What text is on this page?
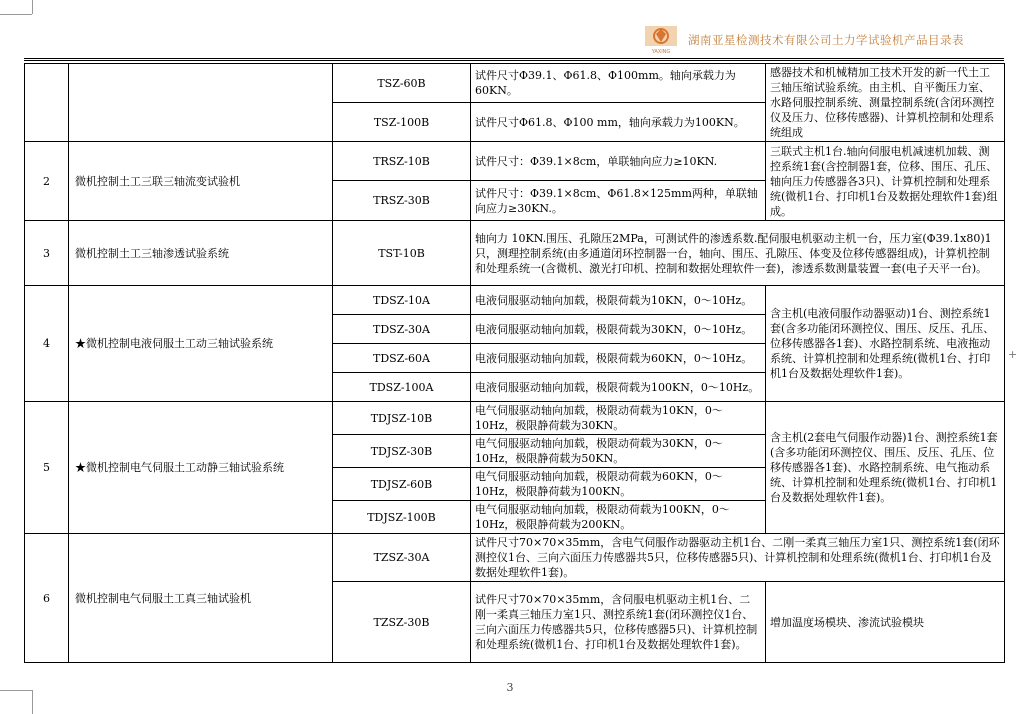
+
YAXING
湖南亚星检测技术有限公司土力学试验机产品目录表
		TSZ-60B	试件尺寸Φ39.1、Φ61.8、Φ100mm。轴向承载力为60KN。	感器技术和机械精加工技术开发的新一代土工三轴压缩试验系统。由主机、自平衡压力室、水路伺服控制系统、测量控制系统(含闭环测控仪及压力、位移传感器)、计算机控制和处理系统组成
		TSZ-100B	试件尺寸Φ61.8、Φ100 mm，轴向承载力为100KN。	
2	微机控制土工三联三轴流变试验机	TRSZ-10B	试件尺寸：Φ39.1×8cm，单联轴向应力≥10KN.	三联式主机1台.轴向伺服电机减速机加载、测控系统1套(含控制器1套，位移、围压、孔压、轴向压力传感器各3只)、计算机控制和处理系统(微机1台、打印机1台及数据处理软件1套)组成。
		TRSZ-30B	试件尺寸：Φ39.1×8cm、Φ61.8×125mm两种，单联轴向应力≥30KN.。	
3	微机控制土工三轴渗透试验系统	TST-10B	轴向力 10KN.围压、孔隙压2MPa，可测试件的渗透系数.配伺服电机驱动主机一台，压力室(Φ39.1x80)1只，测理控制系统(由多通道闭环控制器一台，轴向、围压、孔隙压、体变及位移传感器组成)，计算机控制和处理系统一(含微机、激光打印机、控制和数据处理软件一套)，渗透系数测量装置一套(电子天平一台)。	
4	★微机控制电液伺服土工动三轴试验系统	TDSZ-10A	电液伺服驱动轴向加载，极限荷载为10KN，0～10Hz。	含主机(电液伺服作动器驱动)1台、测控系统1套(含多功能闭环测控仪、围压、反压、孔压、位移传感器各1套)、水路控制系统、电液拖动系统、计算机控制和处理系统(微机1台、打印机1台及数据处理软件1套)。
		TDSZ-30A	电液伺服驱动轴向加载，极限荷载为30KN，0～10Hz。	
		TDSZ-60A	电液伺服驱动轴向加载，极限荷载为60KN，0～10Hz。	
		TDSZ-100A	电液伺服驱动轴向加载，极限荷载为100KN，0～10Hz。	
5	★微机控制电气伺服土工动静三轴试验系统	TDJSZ-10B	电气伺服驱动轴向加载，极限动荷载为10KN，0～10Hz，极限静荷载为30KN。	含主机(2套电气伺服作动器)1台、测控系统1套(含多功能闭环测控仪、围压、反压、孔压、位移传感器各1套)、水路控制系统、电气拖动系统、计算机控制和处理系统(微机1台、打印机1台及数据处理软件1套)。
		TDJSZ-30B	电气伺服驱动轴向加载，极限动荷载为30KN，0～10Hz，极限静荷载为50KN。	
		TDJSZ-60B	电气伺服驱动轴向加载，极限动荷载为60KN，0～10Hz，极限静荷载为100KN。	
		TDJSZ-100B	电气伺服驱动轴向加载，极限动荷载为100KN，0～10Hz，极限静荷载为200KN。	
6	微机控制电气伺服土工真三轴试验机	TZSZ-30A	试件尺寸70×70×35mm，含电气伺服作动器驱动主机1台、二刚一柔真三轴压力室1只、测控系统1套(闭环测控仪1台、三向六面压力传感器共5只，位移传感器5只)、计算机控制和处理系统(微机1台、打印机1台及数据处理软件1套)。	
		TZSZ-30B	试件尺寸70×70×35mm，含伺服电机驱动主机1台、二刚一柔真三轴压力室1只、测控系统1套(闭环测控仪1台、三向六面压力传感器共5只，位移传感器5只)、计算机控制和处理系统(微机1台、打印机1台及数据处理软件1套)。	增加温度场模块、渗流试验模块
3
